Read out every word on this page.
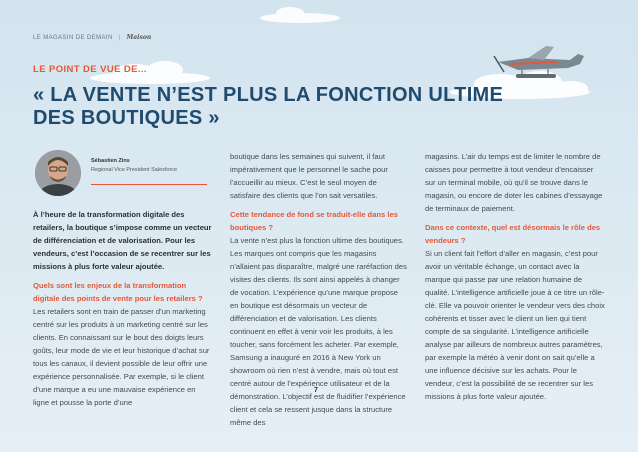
LE MAGASIN DE DEMAIN | Maison
LE POINT DE VUE DE...
« LA VENTE N’EST PLUS LA FONCTION ULTIME
DES BOUTIQUES »
Sébastien Zins
Regional Vice President Salesforce

À l’heure de la transformation digitale des retailers, la boutique s’impose comme un vecteur de différenciation et de valorisation. Pour les vendeurs, c’est l’occasion de se recentrer sur les missions à plus forte valeur ajoutée.

Quels sont les enjeux de la transformation digitale des points de vente pour les retailers ?

Les retailers sont en train de passer d’un marketing centré sur les produits à un marketing centré sur les clients. En connaissant sur le bout des doigts leurs goûts, leur mode de vie et leur historique d’achat sur tous les canaux, il devient possible de leur offrir une expérience personnalisée. Par exemple, si le client d’une marque a eu une mauvaise expérience en ligne et pousse la porte d’une

boutique dans les semaines qui suivent, il faut impérativement que le personnel le sache pour l’accueillir au mieux. C’est le seul moyen de satisfaire des clients que l’on sait versatiles.

Cette tendance de fond se traduit-elle dans les boutiques ?

La vente n’est plus la fonction ultime des boutiques. Les marques ont compris que les magasins n’allaient pas disparaître, malgré une raréfaction des visites des clients. Ils sont ainsi appelés à changer de vocation. L’expérience qu’une marque propose en boutique est désormais un vecteur de différenciation et de valorisation. Les clients continuent en effet à venir voir les produits, à les toucher, sans forcément les acheter. Par exemple, Samsung a inauguré en 2016 à New York un showroom où rien n’est à vendre, mais où tout est centré autour de l’expérience utilisateur et de la démonstration. L’objectif est de fluidifier l’expérience client et cela se ressent jusque dans la structure même des

magasins. L’air du temps est de limiter le nombre de caisses pour permettre à tout vendeur d’encaisser sur un terminal mobile, où qu’il se trouve dans le magasin, ou encore de doter les cabines d’essayage de terminaux de paiement.

Dans ce contexte, quel est désormais le rôle des vendeurs ?

Si un client fait l’effort d’aller en magasin, c’est pour avoir un véritable échange, un contact avec la marque qui passe par une relation humaine de qualité. L’intelligence artificielle joue à ce titre un rôle-clé. Elle va pouvoir orienter le vendeur vers des choix cohérents et tisser avec le client un lien qui tient compte de sa singularité. L’intelligence artificielle analyse par ailleurs de nombreux autres paramètres, par exemple la météo à venir dont on sait qu’elle a une influence décisive sur les achats. Pour le vendeur, c’est la possibilité de se recentrer sur les missions à plus forte valeur ajoutée.

7
